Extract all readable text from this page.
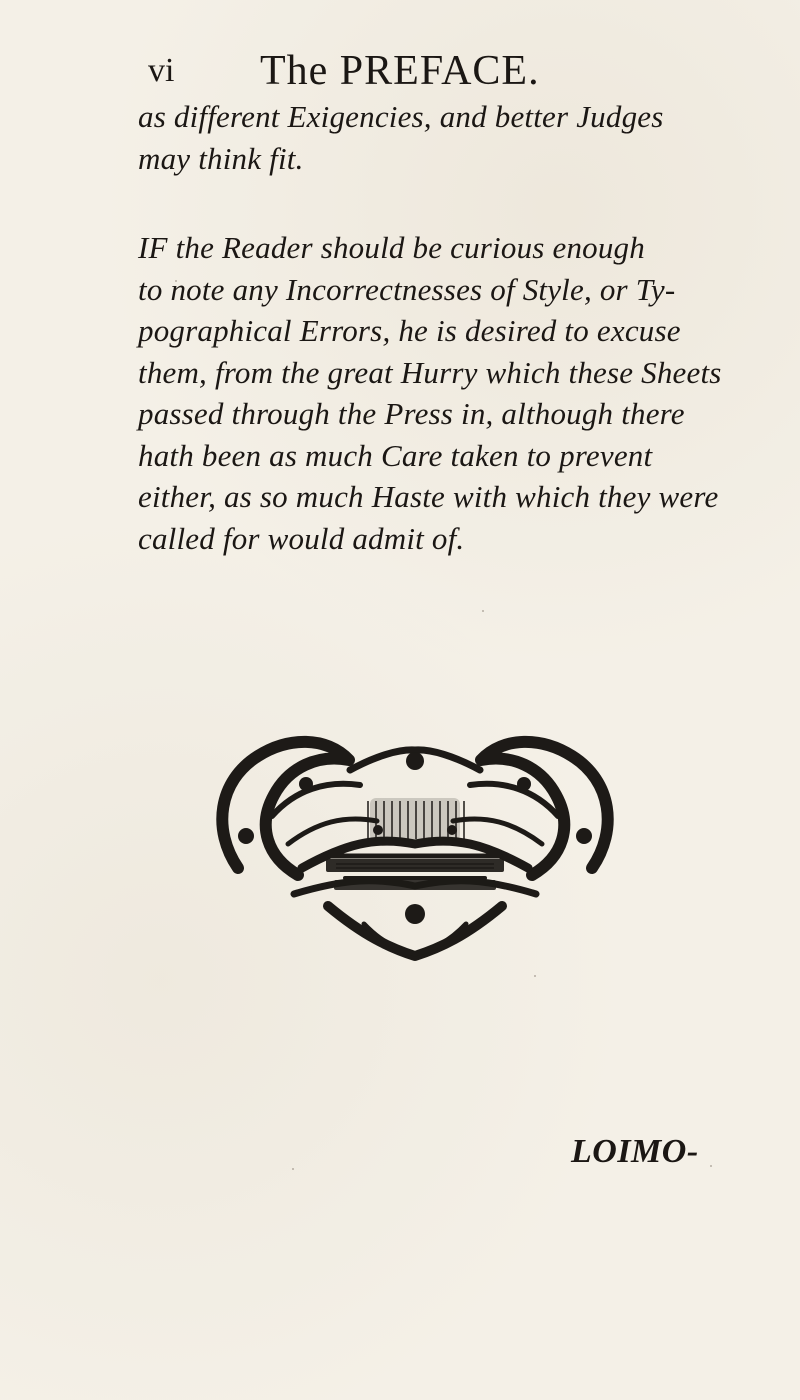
vi The PREFACE.
as different Exigencies, and better Judges
may think fit.
IF the Reader should be curious enough
to note any Incorrectnesses of Style, or Ty-
pographical Errors, he is desired to excuse
them, from the great Hurry which these Sheets
passed through the Press in, although there
hath been as much Care taken to prevent
either, as so much Haste with which they were
called for would admit of.
LOIMO-
